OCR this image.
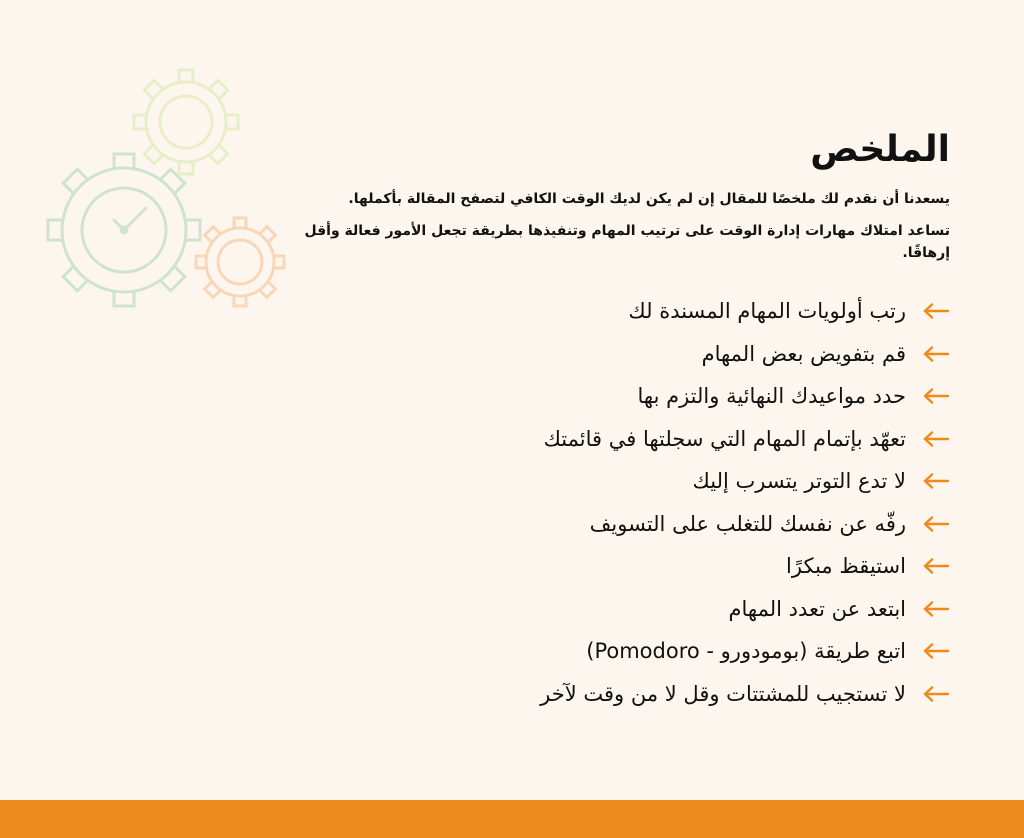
الملخص

يسعدنا أن نقدم لك ملخصًا للمقال إن لم يكن لديك الوقت الكافي لتصفح المقالة بأكملها.

تساعد امتلاك مهارات إدارة الوقت على ترتيب المهام وتنفيذها بطريقة تجعل الأمور فعالة وأقل إرهاقًا.

رتب أولويات المهام المسندة لك
قم بتفويض بعض المهام
حدد مواعيدك النهائية والتزم بها
تعهّد بإتمام المهام التي سجلتها في قائمتك
لا تدع التوتر يتسرب إليك
رفّه عن نفسك للتغلب على التسويف
استيقظ مبكرًا
ابتعد عن تعدد المهام
اتبع طريقة (بومودورو - Pomodoro)
لا تستجيب للمشتتات وقل لا من وقت لآخر
